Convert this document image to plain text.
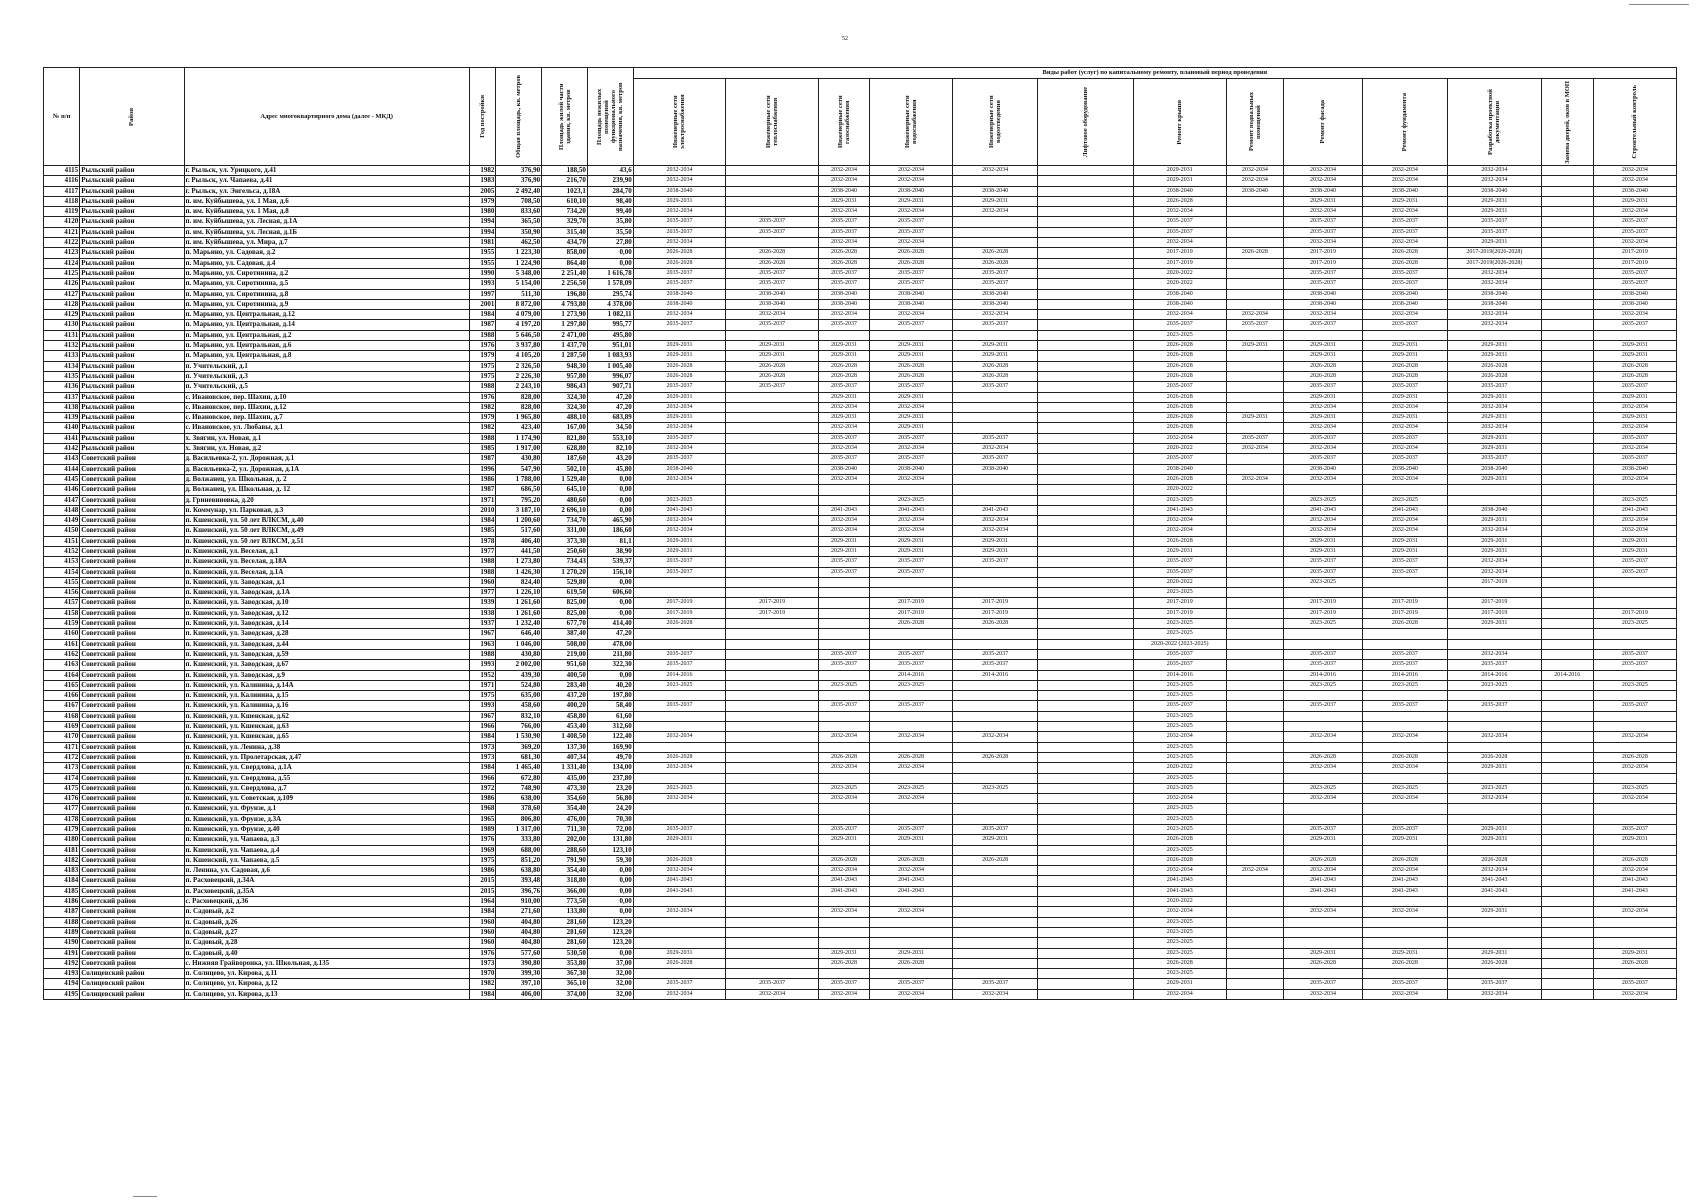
52
№ п/п	Район	Адрес многоквартирного дома (далее - МКД)	Год постройки	Общая площадь, кв. метров	Площадь жилой части здания, кв. метров	Площадь нежилых помещений функционального назначения, кв. метров	Виды работ (услуг) по капитальному ремонту, плановый период проведения												

							Инженерные сети электроснабжения	Инженерные сети теплоснабжения	Инженерные сети газоснабжения	Инженерные сети водоснабжения	Инженерные сети водоотведения	Лифтовое оборудование	Ремонт крыши	Ремонт подвальных помещений	Ремонт фасада	Ремонт фундамента	Разработка проектной документации	Замена дверей, окон в МОП	Строительный контроль

4115	Рыльский район	г. Рыльск, ул. Урицкого, д.41	1982	376,90	188,50	43,6	2032-2034		2032-2034	2032-2034	2032-2034		2029-2031	2032-2034	2032-2034	2032-2034	2032-2034		2032-2034
4116	Рыльский район	г. Рыльск, ул. Чапаева, д.41	1983	376,90	216,70	239,90	2032-2034		2032-2034	2032-2034			2029-2031	2032-2034	2032-2034	2032-2034	2032-2034		2032-2034
4117	Рыльский район	г. Рыльск, ул. Энгельса, д.18А	2005	2 492,40	1023,1	284,70	2038-2040		2038-2040	2038-2040	2038-2040		2038-2040	2038-2040	2038-2040	2038-2040	2038-2040		2038-2040
4118	Рыльский район	п. им. Куйбышева, ул. 1 Мая, д.6	1979	708,50	610,10	98,40	2029-2031		2029-2031	2029-2031	2029-2031		2026-2028		2029-2031	2029-2031	2029-2031		2029-2031
4119	Рыльский район	п. им. Куйбышева, ул. 1 Мая, д.8	1980	833,60	734,20	99,40	2032-2034		2032-2034	2032-2034	2032-2034		2032-2034		2032-2034	2032-2034	2029-2031		2032-2034
4120	Рыльский район	п. им. Куйбышева, ул. Лесная, д.1А	1994	365,50	329,70	35,80	2035-2037	2035-2037	2035-2037	2035-2037			2035-2037		2035-2037	2035-2037	2035-2037		2035-2037
4121	Рыльский район	п. им. Куйбышева, ул. Лесная, д.1Б	1994	350,90	315,40	35,50	2035-2037	2035-2037	2035-2037	2035-2037			2035-2037		2035-2037	2035-2037	2035-2037		2035-2037
4122	Рыльский район	п. им. Куйбышева, ул. Мира, д.7	1981	462,50	434,70	27,80	2032-2034		2032-2034	2032-2034			2032-2034		2032-2034	2032-2034	2029-2031		2032-2034
4123	Рыльский район	п. Марьино, ул. Садовая, д.2	1955	1 223,30	858,00	0,00	2026-2028	2026-2028	2026-2028	2026-2028	2026-2028		2017-2019	2026-2028	2017-2019	2026-2028	2017-2019(2026-2028)		2017-2019
4124	Рыльский район	п. Марьино, ул. Садовая, д.4	1955	1 224,90	864,40	0,00	2026-2028	2026-2028	2026-2028	2026-2028	2026-2028		2017-2019		2017-2019	2026-2028	2017-2019(2026-2028)		2017-2019
4125	Рыльский район	п. Марьино, ул. Сиротинина, д.2	1990	5 348,00	2 251,40	1 616,78	2035-2037	2035-2037	2035-2037	2035-2037	2035-2037		2020-2022		2035-2037	2035-2037	2032-2034		2035-2037
4126	Рыльский район	п. Марьино, ул. Сиротинина, д.5	1993	5 154,00	2 256,50	1 578,09	2035-2037	2035-2037	2035-2037	2035-2037	2035-2037		2020-2022		2035-2037	2035-2037	2032-2034		2035-2037
4127	Рыльский район	п. Марьино, ул. Сиротинина, д.8	1997	511,30	196,80	295,74	2038-2040	2038-2040	2038-2040	2038-2040	2038-2040		2038-2040		2038-2040	2038-2040	2038-2040		2038-2040
4128	Рыльский район	п. Марьино, ул. Сиротинина, д.9	2001	8 872,00	4 793,80	4 378,00	2038-2040	2038-2040	2038-2040	2038-2040	2038-2040		2038-2040		2038-2040	2038-2040	2038-2040		2038-2040
4129	Рыльский район	п. Марьино, ул. Центральная, д.12	1984	4 079,00	1 273,90	1 082,11	2032-2034	2032-2034	2032-2034	2032-2034	2032-2034		2032-2034	2032-2034	2032-2034	2032-2034	2032-2034		2032-2034
4130	Рыльский район	п. Марьино, ул. Центральная, д.14	1987	4 197,20	1 297,80	995,77	2035-2037	2035-2037	2035-2037	2035-2037	2035-2037		2035-2037	2035-2037	2035-2037	2035-2037	2032-2034		2035-2037
4131	Рыльский район	п. Марьино, ул. Центральная, д.2	1988	5 646,50	2 471,00	495,80							2023-2025						
4132	Рыльский район	п. Марьино, ул. Центральная, д.6	1976	3 937,80	1 437,70	951,01	2029-2031	2029-2031	2029-2031	2029-2031	2029-2031		2026-2028	2029-2031	2029-2031	2029-2031	2029-2031		2029-2031
4133	Рыльский район	п. Марьино, ул. Центральная, д.8	1979	4 105,20	1 287,50	1 083,93	2029-2031	2029-2031	2029-2031	2029-2031	2029-2031		2026-2028		2029-2031	2029-2031	2029-2031		2029-2031
4134	Рыльский район	п. Учительский, д.1	1975	2 326,50	948,30	1 005,40	2026-2028	2026-2028	2026-2028	2026-2028	2026-2028		2026-2028		2026-2028	2026-2028	2026-2028		2026-2028
4135	Рыльский район	п. Учительский, д.3	1975	2 226,30	957,80	996,07	2026-2028	2026-2028	2026-2028	2026-2028	2026-2028		2026-2028		2026-2028	2026-2028	2026-2028		2026-2028
4136	Рыльский район	п. Учительский, д.5	1988	2 243,10	986,43	907,71	2035-2037	2035-2037	2035-2037	2035-2037	2035-2037		2035-2037		2035-2037	2035-2037	2035-2037		2035-2037
4137	Рыльский район	с. Ивановское, пер. Шахин, д.10	1976	828,00	324,30	47,20	2029-2031		2029-2031	2029-2031			2026-2028		2029-2031	2029-2031	2029-2031		2029-2031
4138	Рыльский район	с. Ивановское, пер. Шахин, д.12	1982	828,00	324,30	47,20	2032-2034		2032-2034	2032-2034			2026-2028		2032-2034	2032-2034	2032-2034		2032-2034
4139	Рыльский район	с. Ивановское, пер. Шахин, д.7	1979	1 965,80	488,10	683,89	2029-2031		2029-2031	2029-2031			2026-2028	2029-2031	2029-2031	2029-2031	2029-2031		2029-2031
4140	Рыльский район	с. Ивановское, ул. Любавы, д.1	1982	423,40	167,00	34,50	2032-2034		2032-2034	2029-2031			2026-2028		2032-2034	2032-2034	2032-2034		2032-2034
4141	Рыльский район	х. Звягин, ул. Новая, д.1	1988	1 174,90	821,80	553,10	2035-2037		2035-2037	2035-2037	2035-2037		2032-2034	2035-2037	2035-2037	2035-2037	2029-2031		2035-2037
4142	Рыльский район	х. Звягин, ул. Новая, д.2	1985	1 917,00	628,80	82,10	2032-2034		2032-2034	2032-2034	2032-2034		2020-2022	2032-2034	2032-2034	2032-2034	2029-2031		2032-2034
4143	Советский район	д. Васильевка-2, ул. Дорожная, д.1	1987	430,80	187,60	43,20	2035-2037		2035-2037	2035-2037	2035-2037		2035-2037		2035-2037	2035-2037	2035-2037		2035-2037
4144	Советский район	д. Васильевка-2, ул. Дорожная, д.1А	1996	547,90	502,10	45,80	2038-2040		2038-2040	2038-2040	2038-2040		2038-2040		2038-2040	2038-2040	2038-2040		2038-2040
4145	Советский район	д. Волжанец, ул. Школьная, д. 2	1986	1 788,00	1 529,40	0,00	2032-2034		2032-2034	2032-2034			2026-2028	2032-2034	2032-2034	2032-2034	2029-2031		2032-2034
4146	Советский район	д. Волжанец, ул. Школьная, д. 12	1987	686,50	645,10	0,00							2020-2022						
4147	Советский район	д. Гриневиновка, д.20	1971	795,20	480,60	0,00	2023-2025			2023-2025			2023-2025		2023-2025	2023-2025			2023-2025
4148	Советский район	п. Коммунар, ул. Парковая, д.3	2010	3 187,10	2 696,10	0,00	2041-2043		2041-2043	2041-2043	2041-2043		2041-2043		2041-2043	2041-2043	2038-2040		2041-2043
4149	Советский район	п. Кшенский, ул. 50 лет ВЛКСМ, д.40	1984	1 200,60	734,70	465,90	2032-2034		2032-2034	2032-2034	2032-2034		2032-2034		2032-2034	2032-2034	2029-2031		2032-2034
4150	Советский район	п. Кшенский, ул. 50 лет ВЛКСМ, д.49	1985	517,60	331,00	186,60	2032-2034		2032-2034	2032-2034	2032-2034		2032-2034		2032-2034	2032-2034	2032-2034		2032-2034
4151	Советский район	п. Кшенский, ул. 50 лет ВЛКСМ, д.51	1978	406,40	373,30	81,1	2029-2031		2029-2031	2029-2031	2029-2031		2026-2028		2029-2031	2029-2031	2029-2031		2029-2031
4152	Советский район	п. Кшенский, ул. Веселая, д.1	1977	441,50	250,60	38,90	2029-2031		2029-2031	2029-2031	2029-2031		2029-2031		2029-2031	2029-2031	2029-2031		2029-2031
4153	Советский район	п. Кшенский, ул. Веселая, д.18А	1988	1 273,80	734,43	539,37	2035-2037		2035-2037	2035-2037	2035-2037		2035-2037		2035-2037	2035-2037	2032-2034		2035-2037
4154	Советский район	п. Кшенский, ул. Веселая, д.1А	1988	1 426,30	1 270,20	156,10	2035-2037		2035-2037	2035-2037			2035-2037		2035-2037	2035-2037	2032-2034		2035-2037
4155	Советский район	п. Кшенский, ул. Заводская, д.1	1960	824,40	529,80	0,00							2020-2022		2023-2025		2017-2019		
4156	Советский район	п. Кшенский, ул. Заводская, д.1А	1977	1 226,10	619,50	606,60							2023-2025						
4157	Советский район	п. Кшенский, ул. Заводская, д.10	1939	1 261,60	825,00	0,00	2017-2019	2017-2019		2017-2019	2017-2019		2017-2019		2017-2019	2017-2019	2017-2019		
4158	Советский район	п. Кшенский, ул. Заводская, д.12	1938	1 261,60	825,00	0,00	2017-2019	2017-2019		2017-2019	2017-2019		2017-2019		2017-2019	2017-2019	2017-2019		2017-2019
4159	Советский район	п. Кшенский, ул. Заводская, д.14	1937	1 232,40	677,70	414,40	2026-2028			2026-2028	2026-2028		2023-2025		2023-2025	2026-2028	2029-2031		2023-2025
4160	Советский район	п. Кшенский, ул. Заводская, д.28	1967	646,40	387,40	47,20							2023-2025						
4161	Советский район	п. Кшенский, ул. Заводская, д.44	1963	1 046,00	508,00	478,00							2020-2022 (2023-2025)						
4162	Советский район	п. Кшенский, ул. Заводская, д.59	1988	430,80	219,00	211,80	2035-2037		2035-2037	2035-2037	2035-2037		2035-2037		2035-2037	2035-2037	2032-2034		2035-2037
4163	Советский район	п. Кшенский, ул. Заводская, д.67	1993	2 002,00	951,60	322,30	2035-2037		2035-2037	2035-2037	2035-2037		2035-2037		2035-2037	2035-2037	2035-2037		2035-2037
4164	Советский район	п. Кшенский, ул. Заводская, д.9	1952	439,30	400,50	0,00	2014-2016			2014-2016	2014-2016		2014-2016		2014-2016	2014-2016	2014-2016	2014-2016	
4165	Советский район	п. Кшенский, ул. Калинина, д.14А	1971	524,80	283,40	40,20	2023-2025		2023-2025	2023-2025			2023-2025		2023-2025	2023-2025	2023-2025		2023-2025
4166	Советский район	п. Кшенский, ул. Калинина, д.15	1975	635,00	437,20	197,80							2023-2025						
4167	Советский район	п. Кшенский, ул. Калинина, д.16	1993	458,60	400,20	58,40	2035-2037		2035-2037	2035-2037			2035-2037		2035-2037	2035-2037	2035-2037		2035-2037
4168	Советский район	п. Кшенский, ул. Кшенская, д.62	1967	832,10	458,80	61,60							2023-2025						
4169	Советский район	п. Кшенский, ул. Кшенская, д.63	1966	766,00	453,40	312,60							2023-2025						
4170	Советский район	п. Кшенский, ул. Кшенская, д.65	1984	1 530,90	1 408,50	122,40	2032-2034		2032-2034	2032-2034	2032-2034		2032-2034		2032-2034	2032-2034	2032-2034		2032-2034
4171	Советский район	п. Кшенский, ул. Ленина, д.38	1973	369,20	137,30	169,90							2023-2025						
4172	Советский район	п. Кшенский, ул. Пролетарская, д.47	1973	681,30	407,34	49,70	2026-2028		2026-2028	2026-2028	2026-2028		2023-2025		2026-2028	2026-2028	2026-2028		2026-2028
4173	Советский район	п. Кшенский, ул. Свердлова, д.1А	1984	1 465,40	1 331,40	134,00	2032-2034		2032-2034	2032-2034			2020-2022		2032-2034	2032-2034	2029-2031		2032-2034
4174	Советский район	п. Кшенский, ул. Свердлова, д.55	1966	672,80	435,00	237,80							2023-2025						
4175	Советский район	п. Кшенский, ул. Свердлова, д.7	1972	748,90	473,30	23,20	2023-2025		2023-2025	2023-2025	2023-2025		2023-2025		2023-2025	2023-2025	2023-2025		2023-2025
4176	Советский район	п. Кшенский, ул. Советская, д.109	1986	638,00	354,60	56,80	2032-2034		2032-2034	2032-2034			2032-2034		2032-2034	2032-2034	2032-2034		2032-2034
4177	Советский район	п. Кшенский, ул. Фрунзе, д.1	1968	378,60	354,40	24,20							2023-2025						
4178	Советский район	п. Кшенский, ул. Фрунзе, д.3А	1965	806,80	476,00	70,30							2023-2025						
4179	Советский район	п. Кшенский, ул. Фрунзе, д.40	1989	1 317,00	711,30	72,00	2035-2037		2035-2037	2035-2037	2035-2037		2023-2025		2035-2037	2035-2037	2029-2031		2035-2037
4180	Советский район	п. Кшенский, ул. Чапаева, д.3	1976	333,80	202,00	131,80	2029-2031		2029-2031	2029-2031	2029-2031		2026-2028		2029-2031	2029-2031	2029-2031		2029-2031
4181	Советский район	п. Кшенский, ул. Чапаева, д.4	1969	688,00	288,60	123,10							2023-2025						
4182	Советский район	п. Кшенский, ул. Чапаева, д.5	1975	851,20	791,90	59,30	2026-2028		2026-2028	2026-2028	2026-2028		2026-2028		2026-2028	2026-2028	2026-2028		2026-2028
4183	Советский район	п. Ленина, ул. Садовая, д.6	1986	638,80	354,40	0,00	2032-2034		2032-2034	2032-2034			2032-2034	2032-2034	2032-2034	2032-2034	2032-2034		2032-2034
4184	Советский район	п. Расховецкий, д.34А	2015	393,48	318,80	0,00	2041-2043		2041-2043	2041-2043			2041-2043		2041-2043	2041-2043	2041-2043		2041-2043
4185	Советский район	п. Расховецкий, д.35А	2015	396,76	366,00	0,00	2041-2043		2041-2043	2041-2043			2041-2043		2041-2043	2041-2043	2041-2043		2041-2043
4186	Советский район	с. Расховецкий, д.36	1964	910,00	773,50	0,00							2020-2022						
4187	Советский район	п. Садовый, д.2	1984	271,60	133,80	0,00	2032-2034		2032-2034	2032-2034			2032-2034		2032-2034	2032-2034	2029-2031		2032-2034
4188	Советский район	п. Садовый, д.26	1960	404,80	281,60	123,20							2023-2025						
4189	Советский район	п. Садовый, д.27	1960	404,80	281,60	123,20							2023-2025						
4190	Советский район	п. Садовый, д.28	1960	404,80	281,60	123,20							2023-2025						
4191	Советский район	п. Садовый, д.40	1976	577,60	530,50	0,00	2029-2031		2029-2031	2029-2031			2023-2025		2029-2031	2029-2031	2029-2031		2029-2031
4192	Советский район	с. Нижняя Грайворонка, ул. Школьная, д.135	1973	390,80	353,80	37,00	2026-2028		2026-2028	2026-2028			2026-2028		2026-2028	2026-2028	2026-2028		2026-2028
4193	Солнцевский район	п. Солнцево, ул. Кирова, д.11	1970	399,30	367,30	32,00							2023-2025						
4194	Солнцевский район	п. Солнцево, ул. Кирова, д.12	1982	397,10	365,10	32,00	2035-2037	2035-2037	2035-2037	2035-2037	2035-2037		2029-2031		2035-2037	2035-2037	2035-2037		2035-2037
4195	Солнцевский район	п. Солнцево, ул. Кирова, д.13	1984	406,00	374,00	32,00	2032-2034	2032-2034	2032-2034	2032-2034	2032-2034		2032-2034		2032-2034	2032-2034	2032-2034		2032-2034
